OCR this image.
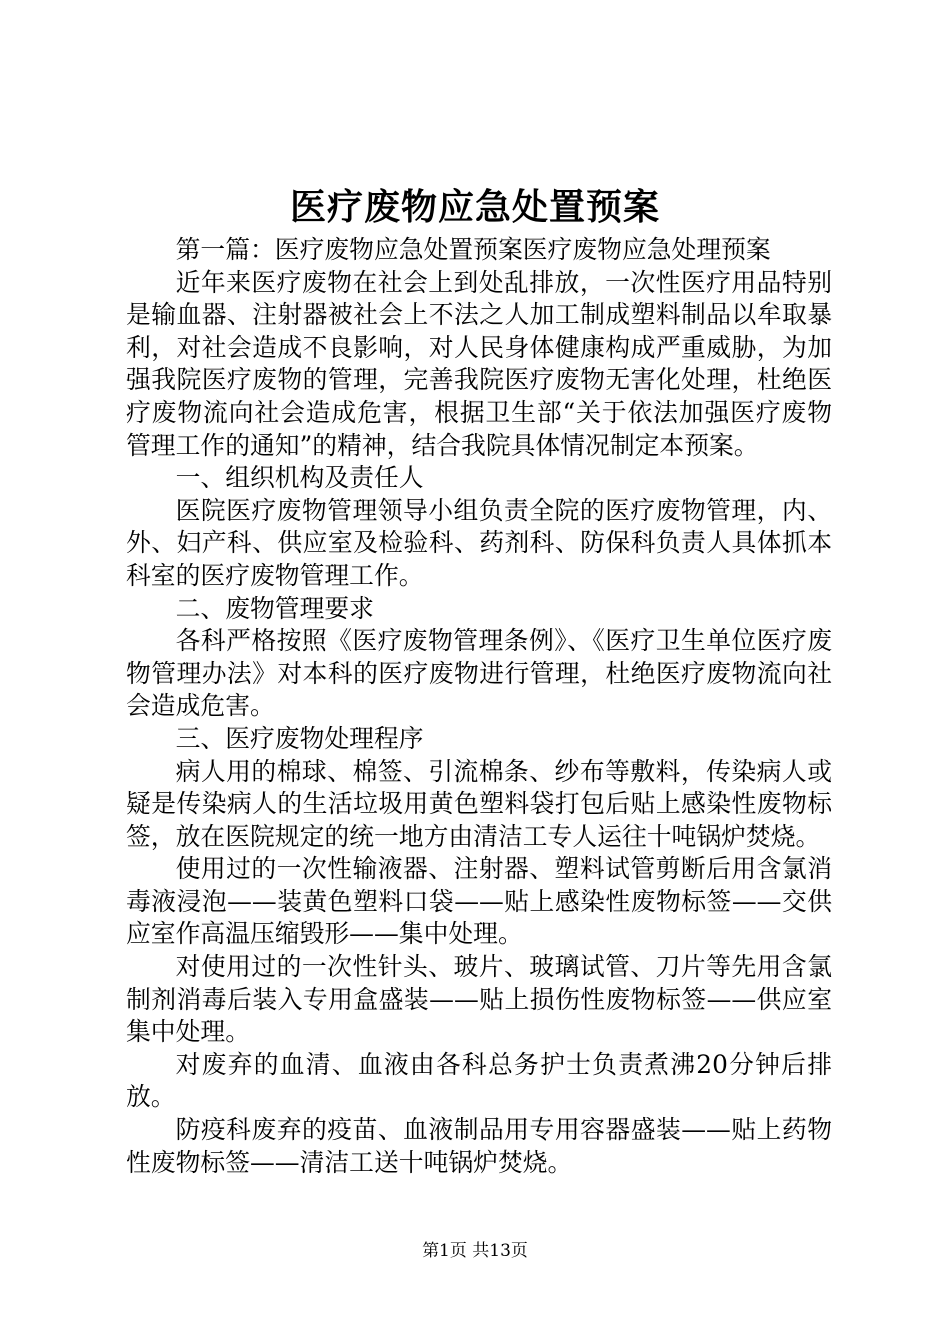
医疗废物应急处置预案

第一篇：医疗废物应急处置预案医疗废物应急处理预案

近年来医疗废物在社会上到处乱排放，一次性医疗用品特别是输血器、注射器被社会上不法之人加工制成塑料制品以牟取暴利，对社会造成不良影响，对人民身体健康构成严重威胁，为加强我院医疗废物的管理，完善我院医疗废物无害化处理，杜绝医疗废物流向社会造成危害，根据卫生部“关于依法加强医疗废物管理工作的通知”的精神，结合我院具体情况制定本预案。

一、组织机构及责任人

医院医疗废物管理领导小组负责全院的医疗废物管理，内、外、妇产科、供应室及检验科、药剂科、防保科负责人具体抓本科室的医疗废物管理工作。

二、废物管理要求

各科严格按照《医疗废物管理条例》、《医疗卫生单位医疗废物管理办法》对本科的医疗废物进行管理，杜绝医疗废物流向社会造成危害。

三、医疗废物处理程序

病人用的棉球、棉签、引流棉条、纱布等敷料，传染病人或疑是传染病人的生活垃圾用黄色塑料袋打包后贴上感染性废物标签，放在医院规定的统一地方由清洁工专人运往十吨锅炉焚烧。

使用过的一次性输液器、注射器、塑料试管剪断后用含氯消毒液浸泡——装黄色塑料口袋——贴上感染性废物标签——交供应室作高温压缩毁形——集中处理。

对使用过的一次性针头、玻片、玻璃试管、刀片等先用含氯制剂消毒后装入专用盒盛装——贴上损伤性废物标签——供应室集中处理。

对废弃的血清、血液由各科总务护士负责煮沸20分钟后排放。

防疫科废弃的疫苗、血液制品用专用容器盛装——贴上药物性废物标签——清洁工送十吨锅炉焚烧。

第1页 共13页
